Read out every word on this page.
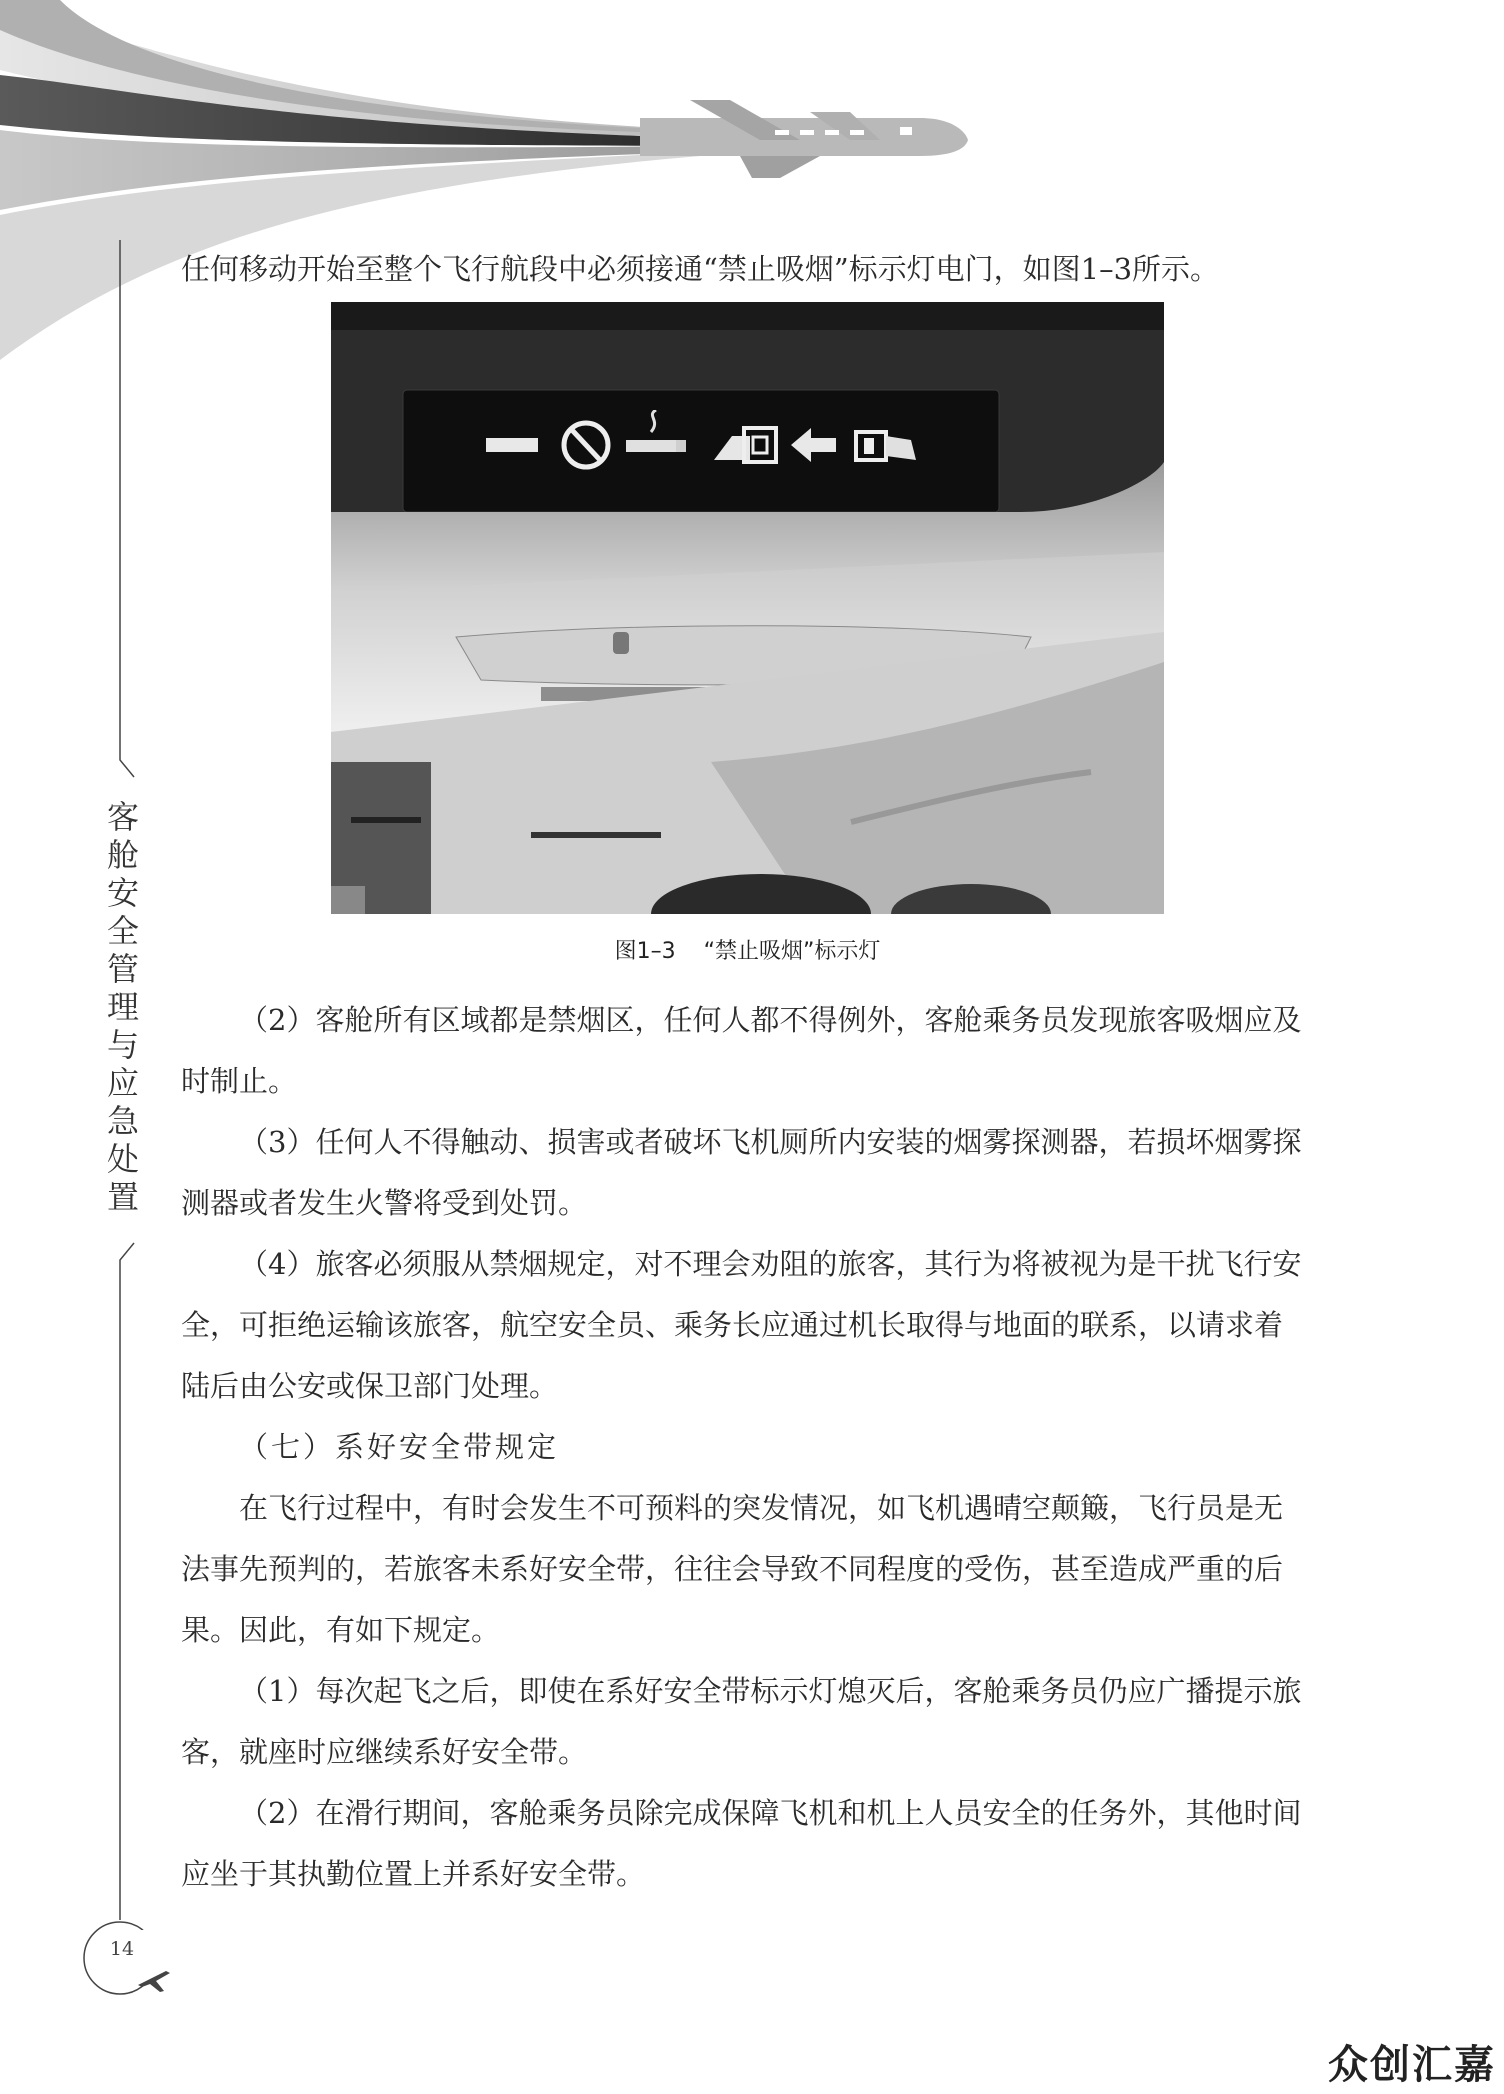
客舱安全管理与应急处置
14

任何移动开始至整个飞行航段中必须接通“禁止吸烟”标示灯电门，如图1–3所示。

图1–3 “禁止吸烟”标示灯

（2）客舱所有区域都是禁烟区，任何人都不得例外，客舱乘务员发现旅客吸烟应及时制止。

（3）任何人不得触动、损害或者破坏飞机厕所内安装的烟雾探测器，若损坏烟雾探测器或者发生火警将受到处罚。

（4）旅客必须服从禁烟规定，对不理会劝阻的旅客，其行为将被视为是干扰飞行安全，可拒绝运输该旅客，航空安全员、乘务长应通过机长取得与地面的联系，以请求着陆后由公安或保卫部门处理。

（七）系好安全带规定

在飞行过程中，有时会发生不可预料的突发情况，如飞机遇晴空颠簸，飞行员是无法事先预判的，若旅客未系好安全带，往往会导致不同程度的受伤，甚至造成严重的后果。因此，有如下规定。

（1）每次起飞之后，即使在系好安全带标示灯熄灭后，客舱乘务员仍应广播提示旅客，就座时应继续系好安全带。

（2）在滑行期间，客舱乘务员除完成保障飞机和机上人员安全的任务外，其他时间应坐于其执勤位置上并系好安全带。

众创汇嘉
